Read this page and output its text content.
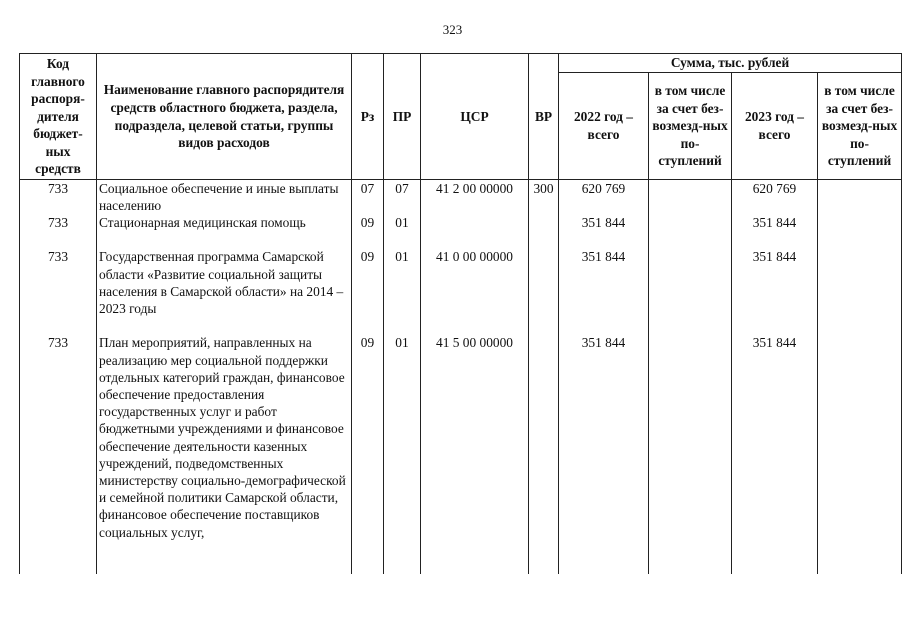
323
Код главного распоря-дителя бюджет-ных средств	Наименование главного распорядителя средств областного бюджета, раздела, подраздела, целевой статьи, группы видов расходов	Рз	ПР	ЦСР	ВР	Сумма, тыс. рублей			
						2022 год – всего	в том числе за счет без-возмезд-ных по-ступлений	2023 год – всего	в том числе за счет без-возмезд-ных по-ступлений
733	Социальное обеспечение и иные выплаты населению	07	07	41 2 00 00000	300	620 769		620 769	
733	Стационарная медицинская помощь	09	01			351 844		351 844	
733	Государственная программа Самарской области «Развитие социальной защиты населения в Самарской области» на 2014 – 2023 годы	09	01	41 0 00 00000		351 844		351 844	
733	План мероприятий, направленных на реализацию мер социальной поддержки отдельных категорий граждан, финансовое обеспечение предоставления государственных услуг и работ бюджетными учреждениями и финансовое обеспечение деятельности казенных учреждений, подведомственных министерству социально-демографической и семейной политики Самарской области, финансовое обеспечение поставщиков социальных услуг,	09	01	41 5 00 00000		351 844		351 844	
